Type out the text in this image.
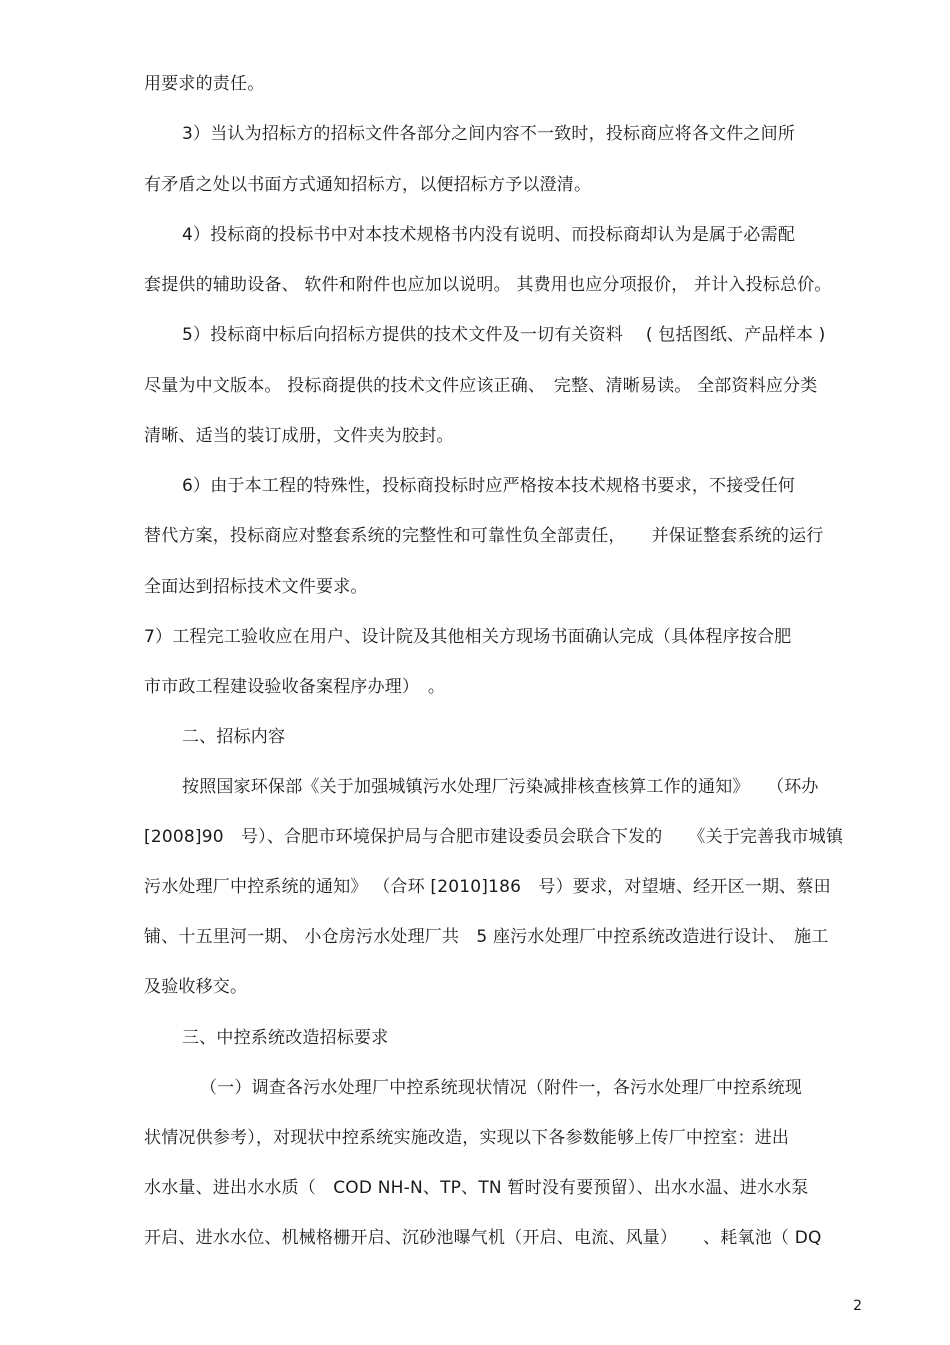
用要求的责任。
3）当认为招标方的招标文件各部分之间内容不一致时，投标商应将各文件之间所
有矛盾之处以书面方式通知招标方，以便招标方予以澄清。
4）投标商的投标书中对本技术规格书内没有说明、而投标商却认为是属于必需配
套提供的辅助设备、 软件和附件也应加以说明。 其费用也应分项报价， 并计入投标总价。
5）投标商中标后向招标方提供的技术文件及一切有关资料　 ( 包括图纸、产品样本 )
尽量为中文版本。 投标商提供的技术文件应该正确、　完整、清晰易读。 全部资料应分类
清晰、适当的装订成册，文件夹为胶封。
6）由于本工程的特殊性，投标商投标时应严格按本技术规格书要求，不接受任何
替代方案，投标商应对整套系统的完整性和可靠性负全部责任，　　并保证整套系统的运行
全面达到招标技术文件要求。
7）工程完工验收应在用户、设计院及其他相关方现场书面确认完成（具体程序按合肥
市市政工程建设验收备案程序办理）　。
二、招标内容
按照国家环保部《关于加强城镇污水处理厂污染减排核查核算工作的通知》　　（环办
[2008]90　号）、合肥市环境保护局与合肥市建设委员会联合下发的　　《关于完善我市城镇
污水处理厂中控系统的通知》 （合环 [2010]186　号）要求，对望塘、经开区一期、蔡田
铺、十五里河一期、 小仓房污水处理厂共　5 座污水处理厂中控系统改造进行设计、　施工
及验收移交。
三、中控系统改造招标要求
（一）调查各污水处理厂中控系统现状情况（附件一，各污水处理厂中控系统现
状情况供参考），对现状中控系统实施改造，实现以下各参数能够上传厂中控室：进出
水水量、进出水水质（　COD NH-N、TP、TN 暂时没有要预留）、出水水温、进水水泵
开启、进水水位、机械格栅开启、沉砂池曝气机（开启、电流、风量）　　、耗氧池（ DQ
2
